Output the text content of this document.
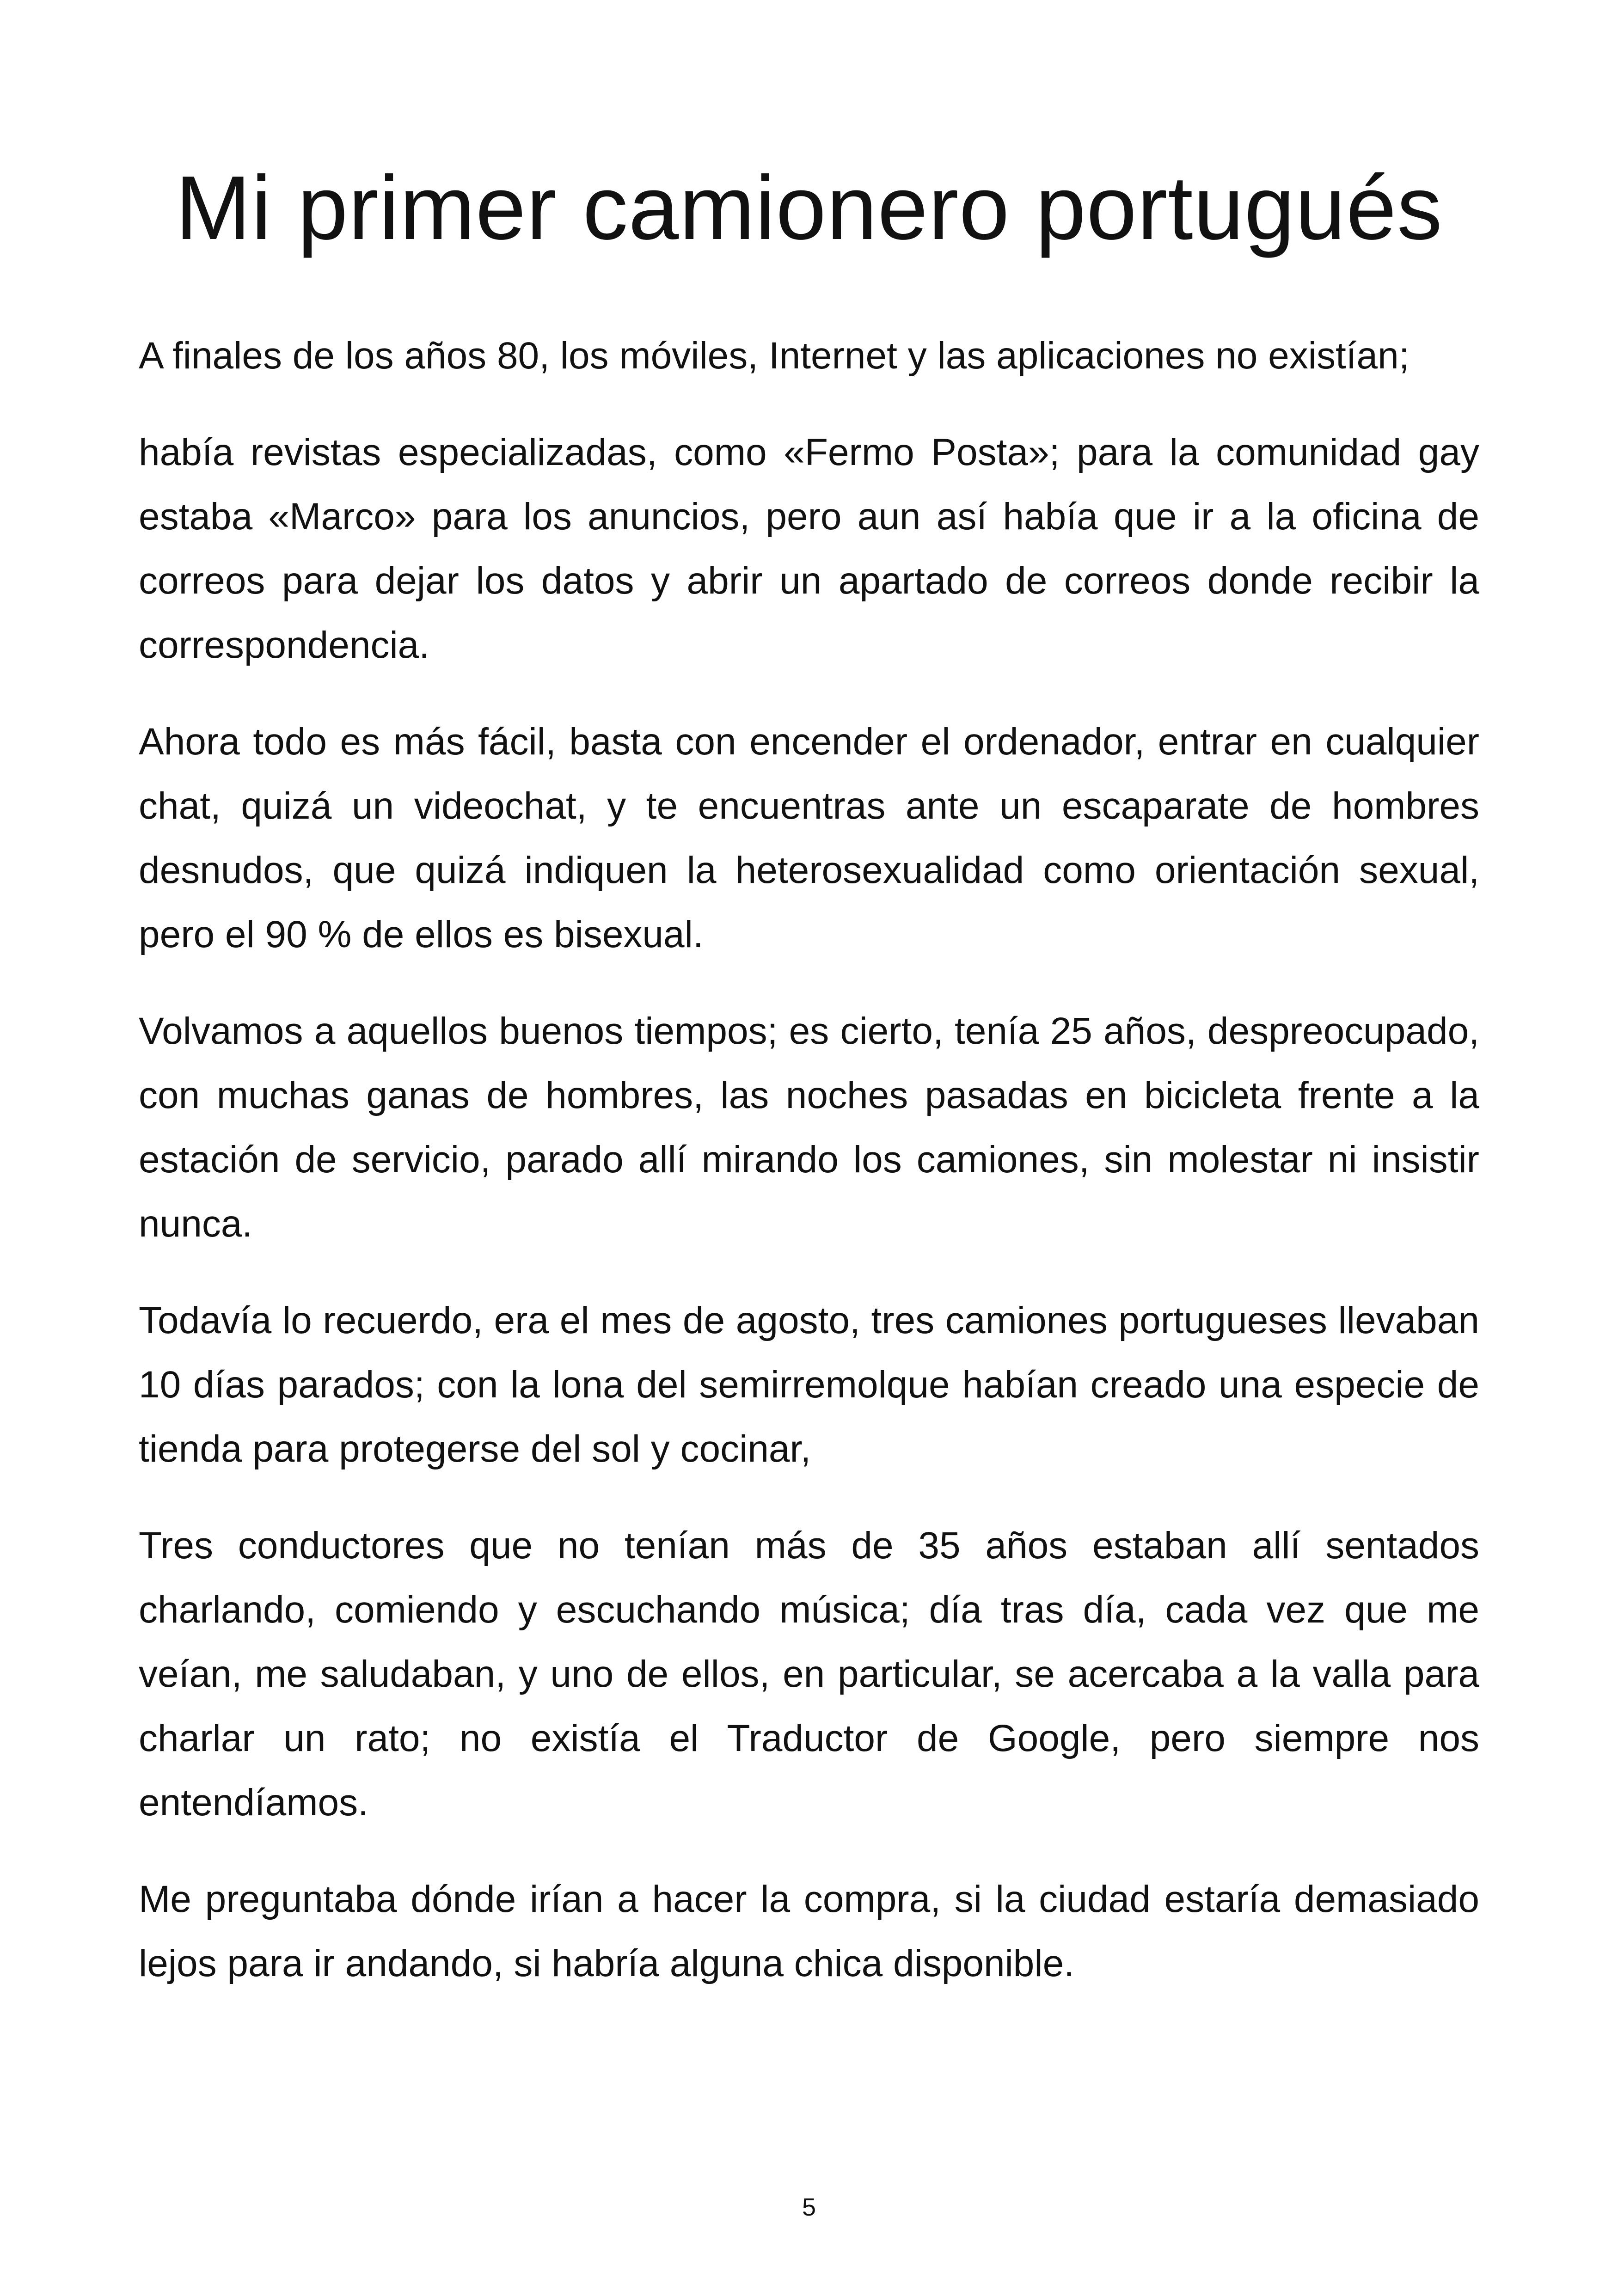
Mi primer camionero portugués

A finales de los años 80, los móviles, Internet y las aplicaciones no existían;

había revistas especializadas, como «Fermo Posta»; para la comunidad gay estaba «Marco» para los anuncios, pero aun así había que ir a la oficina de correos para dejar los datos y abrir un apartado de correos donde recibir la correspondencia.

Ahora todo es más fácil, basta con encender el ordenador, entrar en cualquier chat, quizá un videochat, y te encuentras ante un escaparate de hombres desnudos, que quizá indiquen la heterosexualidad como orientación sexual, pero el 90 % de ellos es bisexual.

Volvamos a aquellos buenos tiempos; es cierto, tenía 25 años, despreocupado, con muchas ganas de hombres, las noches pasadas en bicicleta frente a la estación de servicio, parado allí mirando los camiones, sin molestar ni insistir nunca.

Todavía lo recuerdo, era el mes de agosto, tres camiones portugueses llevaban 10 días parados; con la lona del semirremolque habían creado una especie de tienda para protegerse del sol y cocinar,

Tres conductores que no tenían más de 35 años estaban allí sentados charlando, comiendo y escuchando música; día tras día, cada vez que me veían, me saludaban, y uno de ellos, en particular, se acercaba a la valla para charlar un rato; no existía el Traductor de Google, pero siempre nos entendíamos.

Me preguntaba dónde irían a hacer la compra, si la ciudad estaría demasiado lejos para ir andando, si habría alguna chica disponible.

5
